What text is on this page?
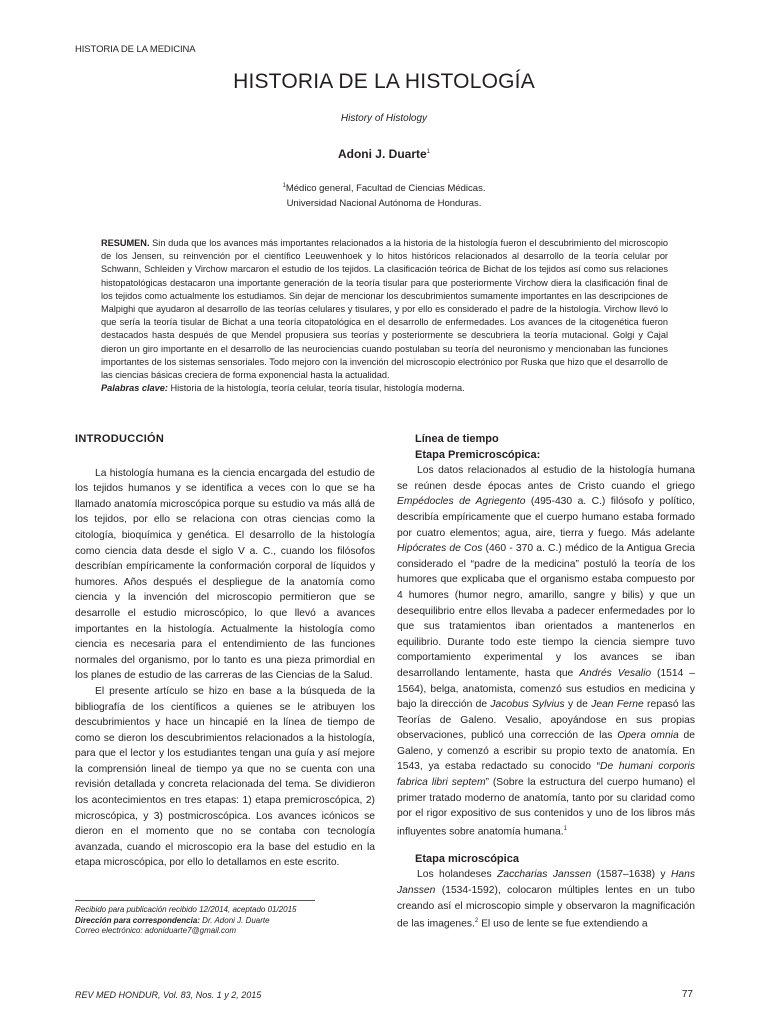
HISTORIA DE LA MEDICINA
HISTORIA DE LA HISTOLOGÍA
History of Histology
Adoni J. Duarte$^1$
$^1$Médico general, Facultad de Ciencias Médicas.
Universidad Nacional Autónoma de Honduras.
RESUMEN. Sin duda que los avances más importantes relacionados a la historia de la histología fueron el descubrimiento del microscopio de los Jensen, su reinvención por el científico Leeuwenhoek y lo hitos históricos relacionados al desarrollo de la teoría celular por Schwann, Schleiden y Virchow marcaron el estudio de los tejidos. La clasificación teórica de Bichat de los tejidos así como sus relaciones histopatológicas destacaron una importante generación de la teoría tisular para que posteriormente Virchow diera la clasificación final de los tejidos como actualmente los estudiamos. Sin dejar de mencionar los descubrimientos sumamente importantes en las descripciones de Malpighi que ayudaron al desarrollo de las teorías celulares y tisulares, y por ello es considerado el padre de la histología. Virchow llevó lo que sería la teoría tisular de Bichat a una teoría citopatológica en el desarrollo de enfermedades. Los avances de la citogenética fueron destacados hasta después de que Mendel propusiera sus teorías y posteriormente se descubriera la teoría mutacional. Golgi y Cajal dieron un giro importante en el desarrollo de las neurociencias cuando postulaban su teoría del neuronismo y mencionaban las funciones importantes de los sistemas sensoriales. Todo mejoro con la invención del microscopio electrónico por Ruska que hizo que el desarrollo de las ciencias básicas creciera de forma exponencial hasta la actualidad.
Palabras clave: Historia de la histología, teoría celular, teoría tisular, histología moderna.
INTRODUCCIÓN

La histología humana es la ciencia encargada del estudio de los tejidos humanos y se identifica a veces con lo que se ha llamado anatomía microscópica porque su estudio va más allá de los tejidos, por ello se relaciona con otras ciencias como la citología, bioquímica y genética. El desarrollo de la histología como ciencia data desde el siglo V a. C., cuando los filósofos describían empíricamente la conformación corporal de líquidos y humores. Años después el despliegue de la anatomía como ciencia y la invención del microscopio permitieron que se desarrolle el estudio microscópico, lo que llevó a avances importantes en la histología. Actualmente la histología como ciencia es necesaria para el entendimiento de las funciones normales del organismo, por lo tanto es una pieza primordial en los planes de estudio de las carreras de las Ciencias de la Salud.

El presente artículo se hizo en base a la búsqueda de la bibliografía de los científicos a quienes se le atribuyen los descubrimientos y hace un hincapié en la línea de tiempo de como se dieron los descubrimientos relacionados a la histología, para que el lector y los estudiantes tengan una guía y así mejore la comprensión lineal de tiempo ya que no se cuenta con una revisión detallada y concreta relacionada del tema. Se dividieron los acontecimientos en tres etapas: 1) etapa premicroscópica, 2) microscópica, y 3) postmicroscópica. Los avances icónicos se dieron en el momento que no se contaba con tecnología avanzada, cuando el microscopio era la base del estudio en la etapa microscópica, por ello lo detallamos en este escrito.

Línea de tiempo
Etapa Premicroscópica:

Los datos relacionados al estudio de la histología humana se reúnen desde épocas antes de Cristo cuando el griego Empédocles de Agriegento (495-430 a. C.) filósofo y político, describía empíricamente que el cuerpo humano estaba formado por cuatro elementos; agua, aire, tierra y fuego. Más adelante Hipócrates de Cos (460 - 370 a. C.) médico de la Antigua Grecia considerado el “padre de la medicina” postuló la teoría de los humores que explicaba que el organismo estaba compuesto por 4 humores (humor negro, amarillo, sangre y bilis) y que un desequilibrio entre ellos llevaba a padecer enfermedades por lo que sus tratamientos iban orientados a mantenerlos en equilibrio. Durante todo este tiempo la ciencia siempre tuvo comportamiento experimental y los avances se iban desarrollando lentamente, hasta que Andrés Vesalio (1514 – 1564), belga, anatomista, comenzó sus estudios en medicina y bajo la dirección de Jacobus Sylvius y de Jean Ferne repasó las Teorías de Galeno. Vesalio, apoyándose en sus propias observaciones, publicó una corrección de las Opera omnia de Galeno, y comenzó a escribir su propio texto de anatomía. En 1543, ya estaba redactado su conocido “De humani corporis fabrica libri septem” (Sobre la estructura del cuerpo humano) el primer tratado moderno de anatomía, tanto por su claridad como por el rigor expositivo de sus contenidos y uno de los libros más influyentes sobre anatomía humana.$^1$

Etapa microscópica

Los holandeses Zaccharias Janssen (1587–1638) y Hans Janssen (1534-1592), colocaron múltiples lentes en un tubo creando así el microscopio simple y observaron la magnificación de las imagenes.$^2$ El uso de lente se fue extendiendo a

Recibido para publicación recibido 12/2014, aceptado 01/2015
Dirección para correspondencia: Dr. Adoni J. Duarte
Correo electrónico: adoniduarte7@gmail.com
REV MED HONDUR, Vol. 83, Nos. 1 y 2, 2015	77
